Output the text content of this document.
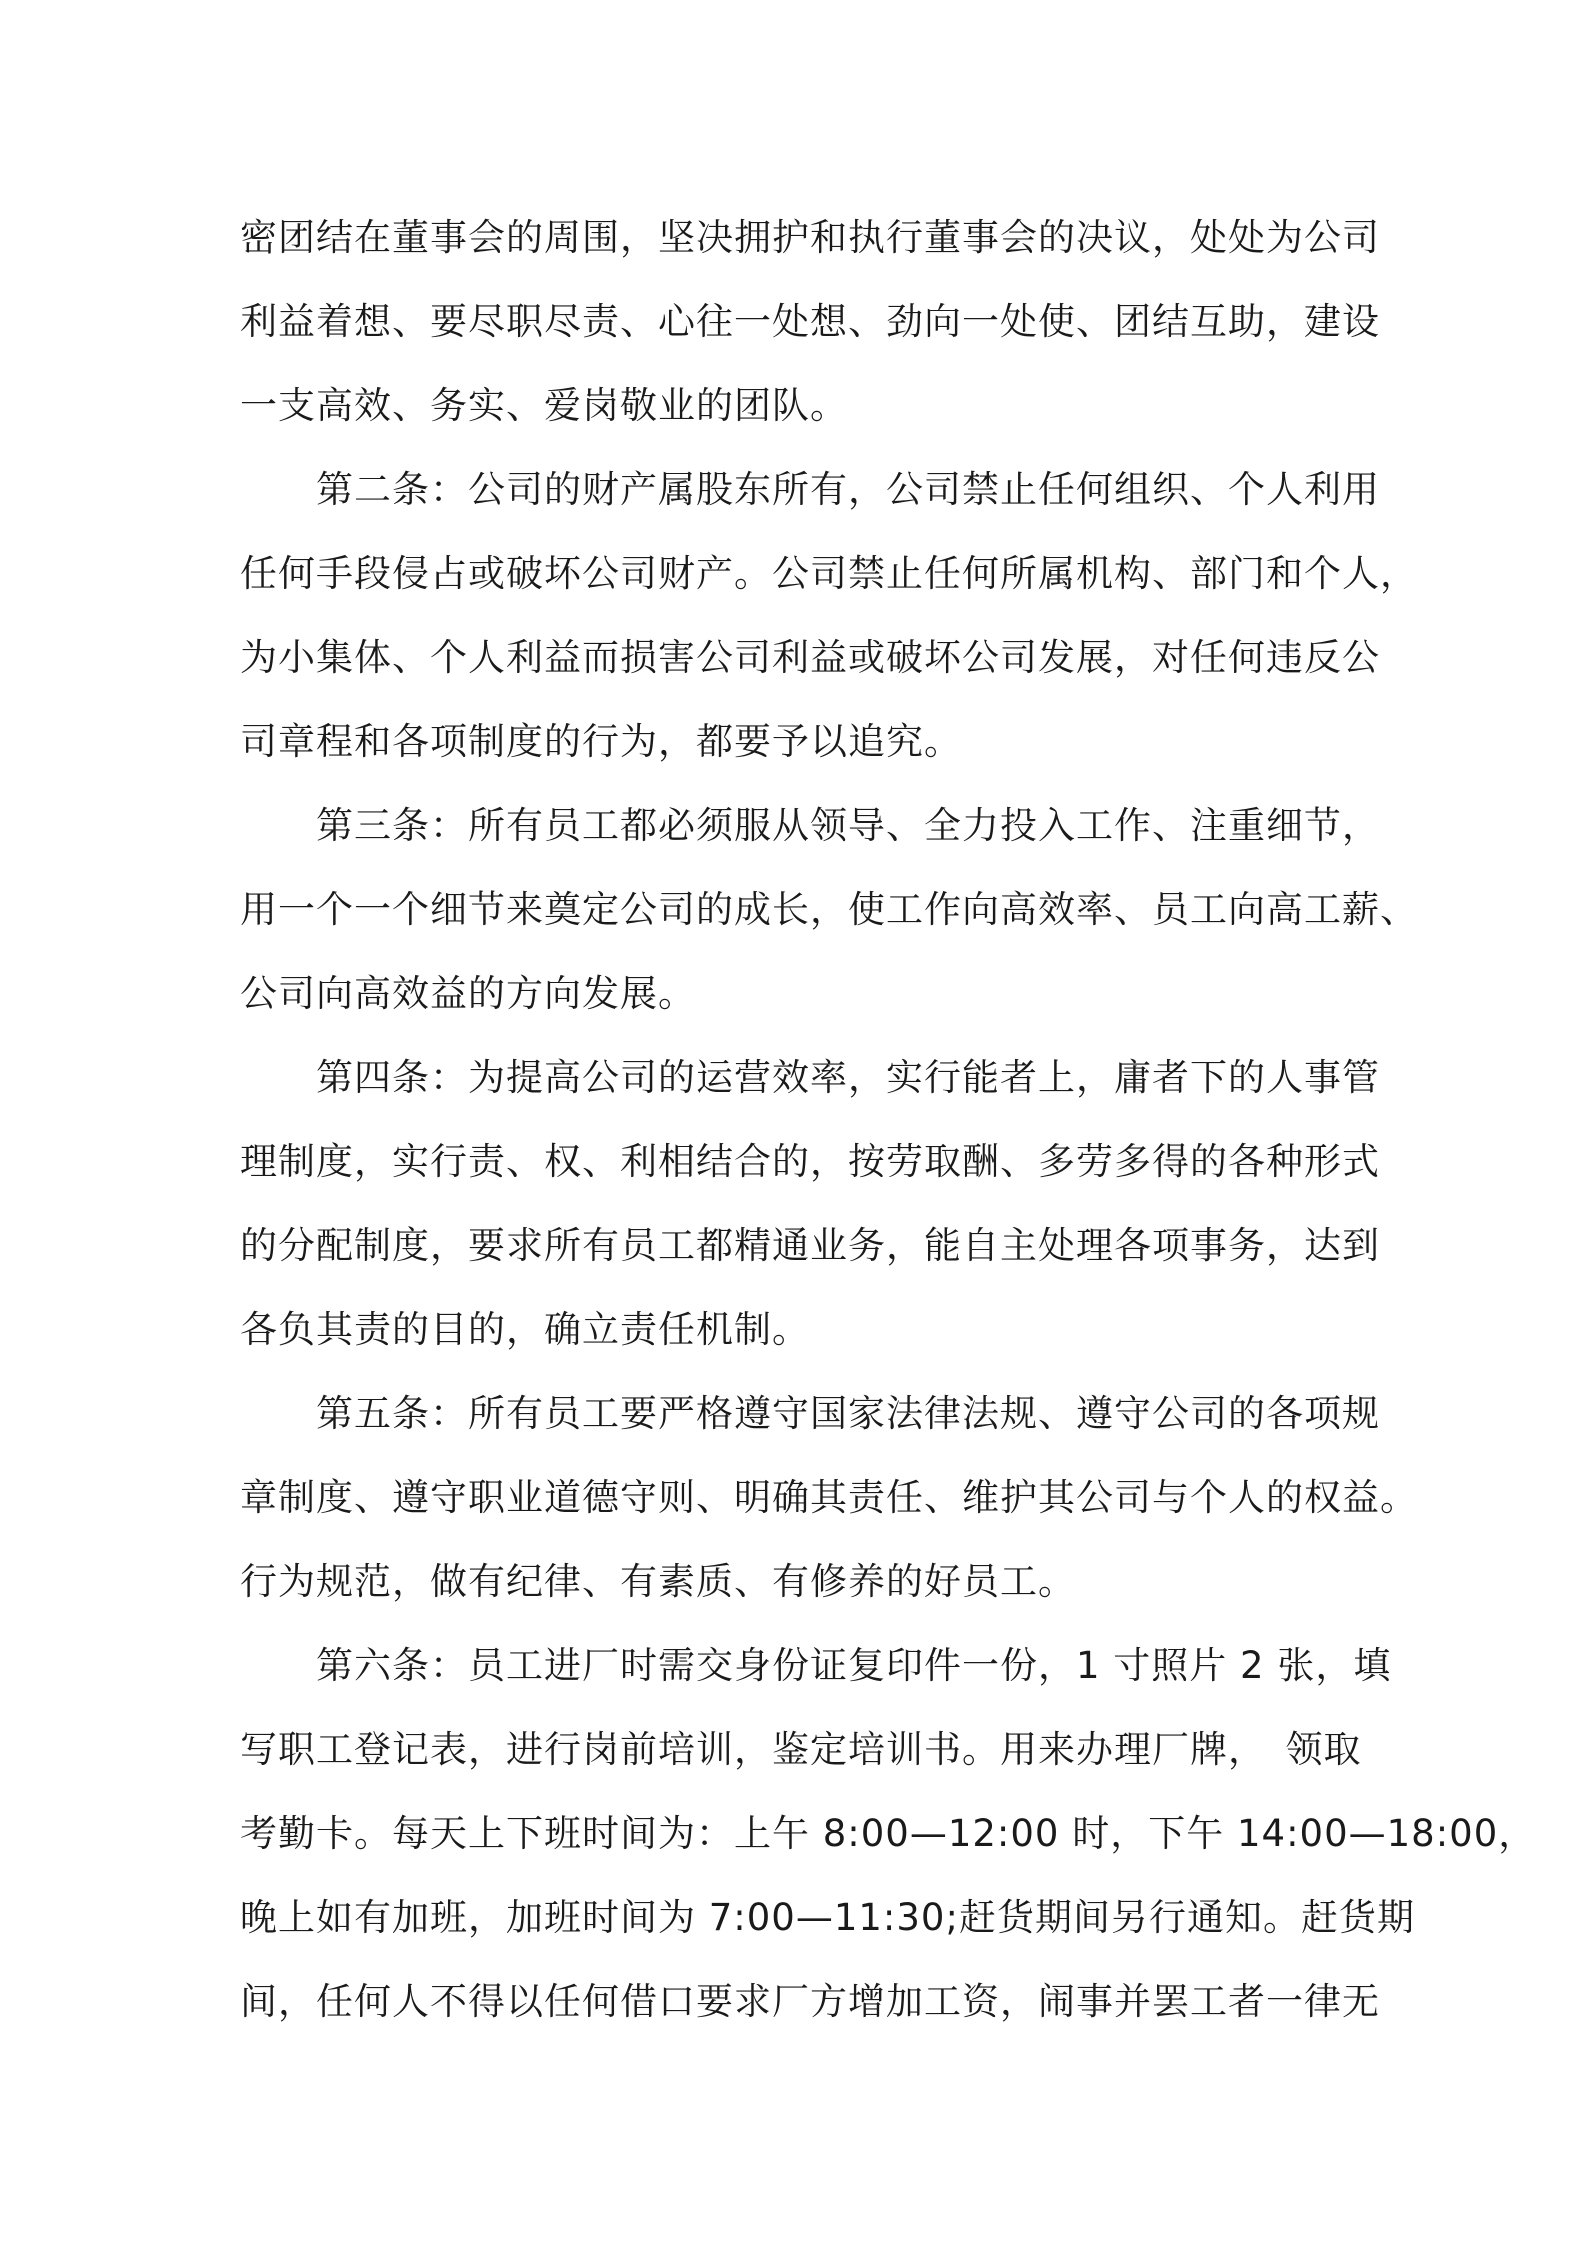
密团结在董事会的周围，坚决拥护和执行董事会的决议，处处为公司
利益着想、要尽职尽责、心往一处想、劲向一处使、团结互助，建设
一支高效、务实、爱岗敬业的团队。
　　第二条：公司的财产属股东所有，公司禁止任何组织、个人利用
任何手段侵占或破坏公司财产。公司禁止任何所属机构、部门和个人，
为小集体、个人利益而损害公司利益或破坏公司发展，对任何违反公
司章程和各项制度的行为，都要予以追究。
　　第三条：所有员工都必须服从领导、全力投入工作、注重细节，
用一个一个细节来奠定公司的成长，使工作向高效率、员工向高工薪、
公司向高效益的方向发展。
　　第四条：为提高公司的运营效率，实行能者上，庸者下的人事管
理制度，实行责、权、利相结合的，按劳取酬、多劳多得的各种形式
的分配制度，要求所有员工都精通业务，能自主处理各项事务，达到
各负其责的目的，确立责任机制。
　　第五条：所有员工要严格遵守国家法律法规、遵守公司的各项规
章制度、遵守职业道德守则、明确其责任、维护其公司与个人的权益。
行为规范，做有纪律、有素质、有修养的好员工。
　　第六条：员工进厂时需交身份证复印件一份，1 寸照片 2 张，填
写职工登记表，进行岗前培训，鉴定培训书。用来办理厂牌，　领取
考勤卡。每天上下班时间为：上午 8:00—12:00 时，下午 14:00—18:00，
晚上如有加班，加班时间为 7:00—11:30;赶货期间另行通知。赶货期
间，任何人不得以任何借口要求厂方增加工资，闹事并罢工者一律无
